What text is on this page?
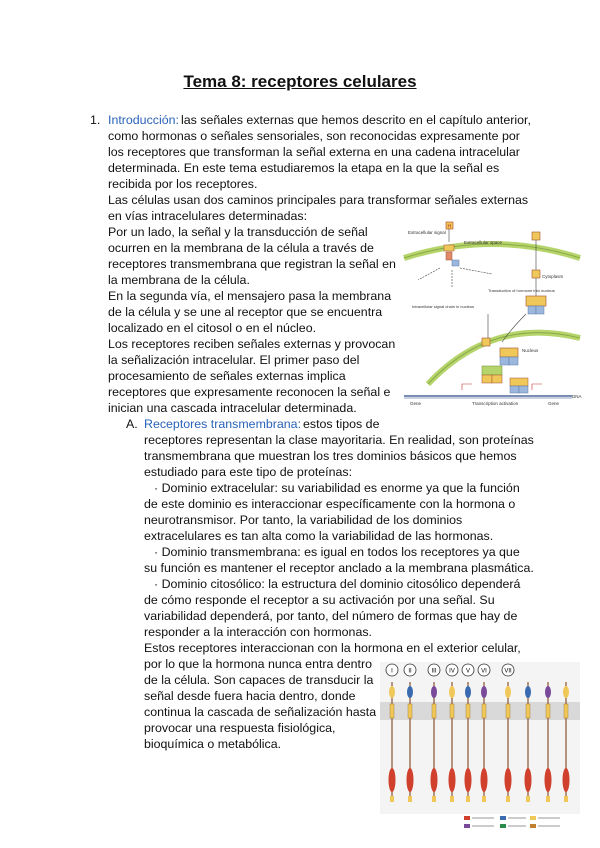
Tema 8: receptores celulares
1. Introducción: las señales externas que hemos descrito en el capítulo anterior,
como hormonas o señales sensoriales, son reconocidas expresamente por
los receptores que transforman la señal externa en una cadena intracelular
determinada. En este tema estudiaremos la etapa en la que la señal es
recibida por los receptores.
Las células usan dos caminos principales para transformar señales externas
en vías intracelulares determinadas:
Por un lado, la señal y la transducción de señal
ocurren en la membrana de la célula a través de
receptores transmembrana que registran la señal en
la membrana de la célula.
En la segunda vía, el mensajero pasa la membrana
de la célula y se une al receptor que se encuentra
localizado en el citosol o en el núcleo.
Los receptores reciben señales externas y provocan
la señalización intracelular. El primer paso del
procesamiento de señales externas implica
receptores que expresamente reconocen la señal e
inician una cascada intracelular determinada.
A. Receptores transmembrana: estos tipos de
receptores representan la clase mayoritaria. En realidad, son proteínas
transmembrana que muestran los tres dominios básicos que hemos
estudiado para este tipo de proteínas:
· Dominio extracelular: su variabilidad es enorme ya que la función
de este dominio es interaccionar específicamente con la hormona o
neurotransmisor. Por tanto, la variabilidad de los dominios
extracelulares es tan alta como la variabilidad de las hormonas.
· Dominio transmembrana: es igual en todos los receptores ya que
su función es mantener el receptor anclado a la membrana plasmática.
· Dominio citosólico: la estructura del dominio citosólico dependerá
de cómo responde el receptor a su activación por una señal. Su
variabilidad dependerá, por tanto, del número de formas que hay de
responder a la interacción con hormonas.
Estos receptores interaccionan con la hormona en el exterior celular,
por lo que la hormona nunca entra dentro
de la célula. Son capaces de transducir la
señal desde fuera hacia dentro, donde
continua la cascada de señalización hasta
provocar una respuesta fisiológica,
bioquímica o metabólica.
Extracellular signal
Extracellular space
Cytoplasm
Nucleus
Transduction of hormone into nucleus
Intracellular signal chain in nucleus
H
Gene	Gene
Transcription activation
DNA
I	II	III IV V VI	VII
